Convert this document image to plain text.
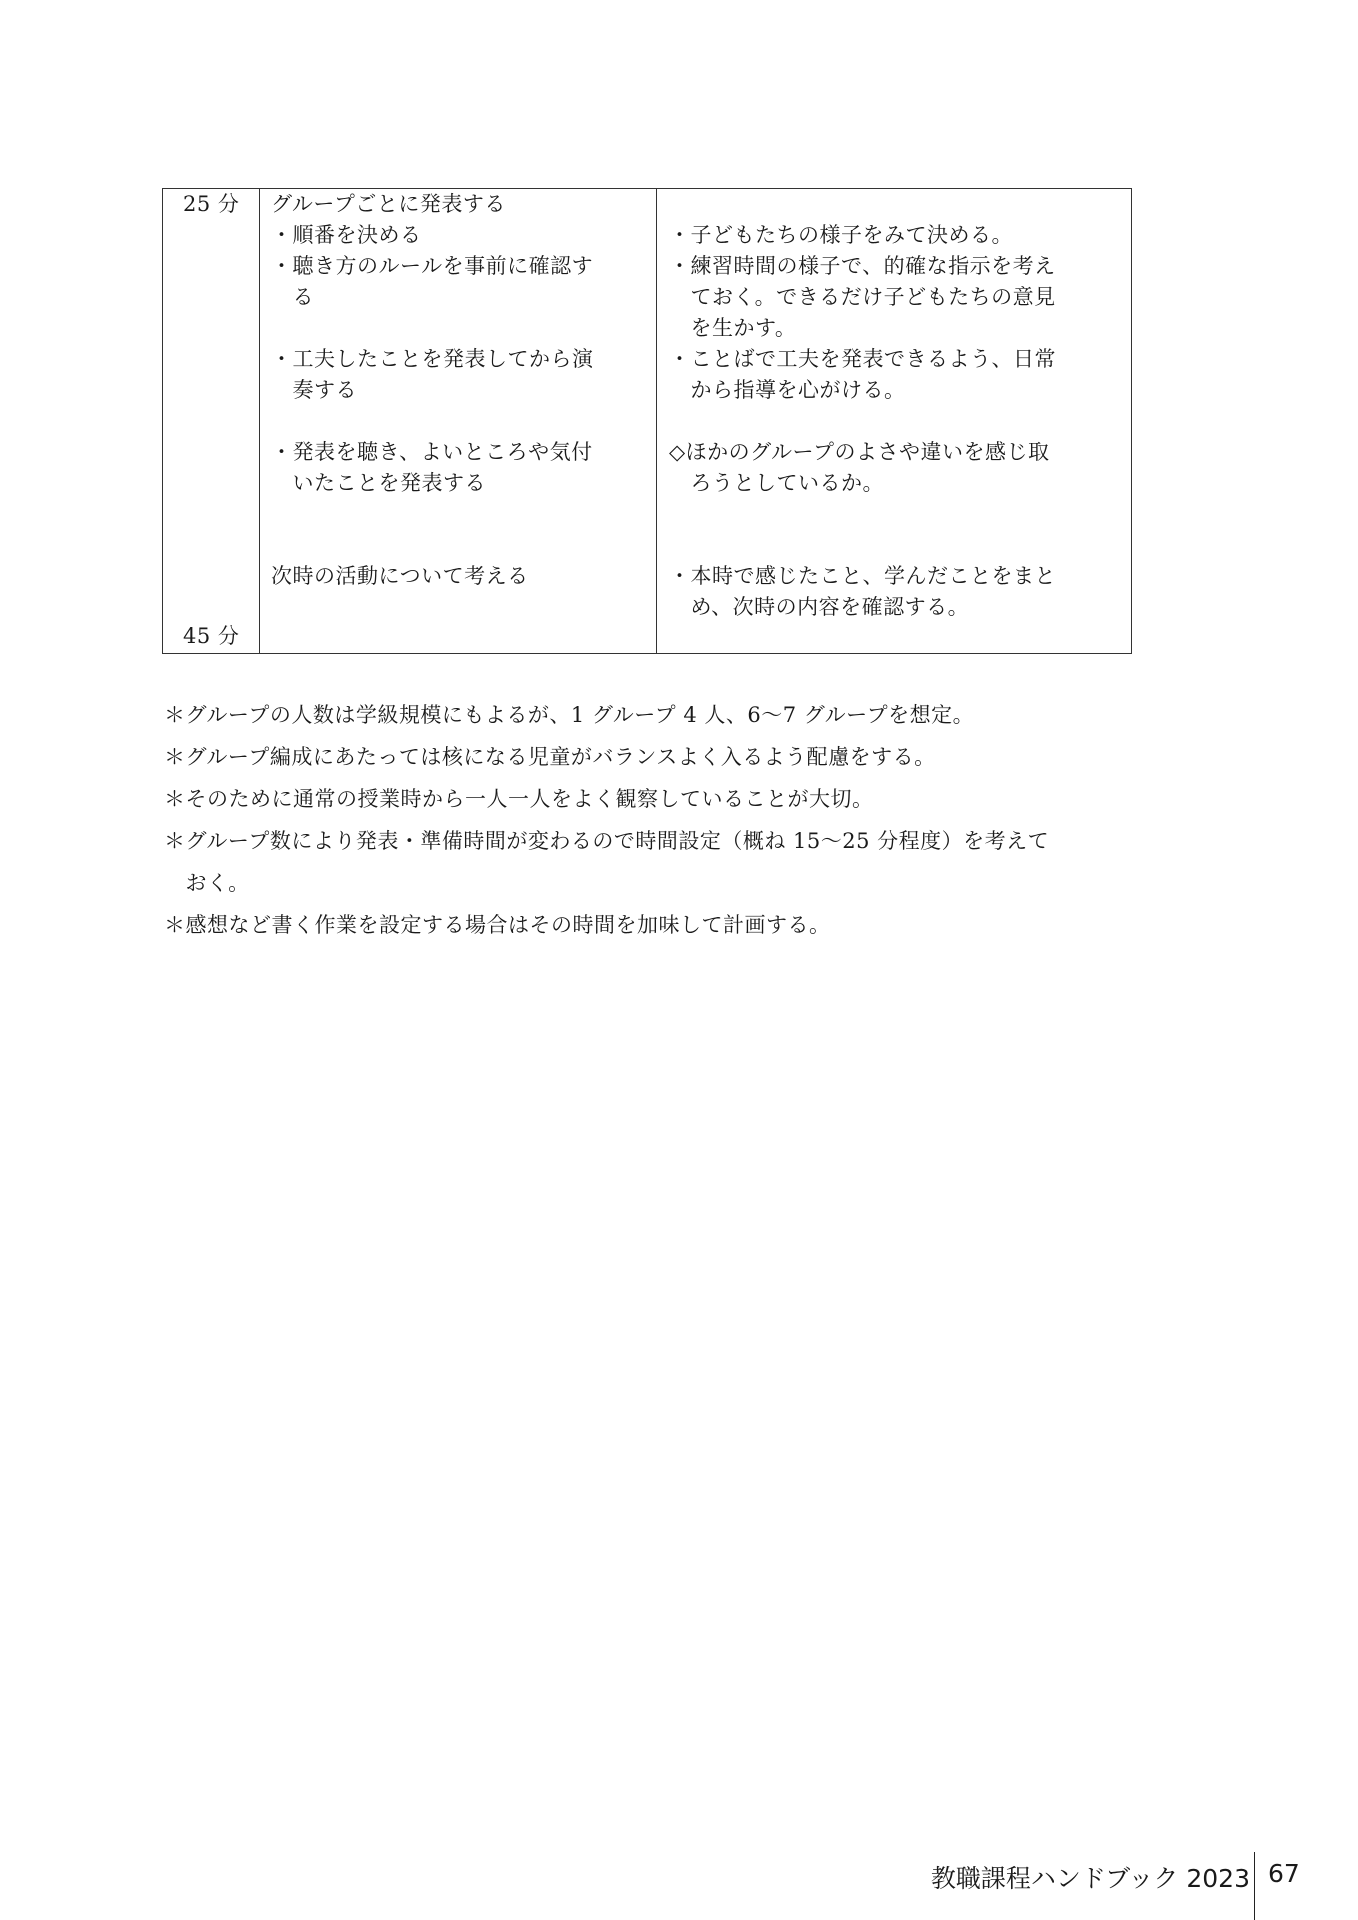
25 分
45 分
グループごとに発表する
・順番を決める
・聴き方のルールを事前に確認す
　る
・工夫したことを発表してから演
　奏する
・発表を聴き、よいところや気付
　いたことを発表する
次時の活動について考える
・子どもたちの様子をみて決める。
・練習時間の様子で、的確な指示を考え
　ておく。できるだけ子どもたちの意見
　を生かす。
・ことばで工夫を発表できるよう、日常
　から指導を心がける。
◇ほかのグループのよさや違いを感じ取
　ろうとしているか。
・本時で感じたこと、学んだことをまと
　め、次時の内容を確認する。
＊グループの人数は学級規模にもよるが、1 グループ 4 人、6〜7 グループを想定。
＊グループ編成にあたっては核になる児童がバランスよく入るよう配慮をする。
＊そのために通常の授業時から一人一人をよく観察していることが大切。
＊グループ数により発表・準備時間が変わるので時間設定（概ね 15〜25 分程度）を考えて
　おく。
＊感想など書く作業を設定する場合はその時間を加味して計画する。
教職課程ハンドブック 2023 67
